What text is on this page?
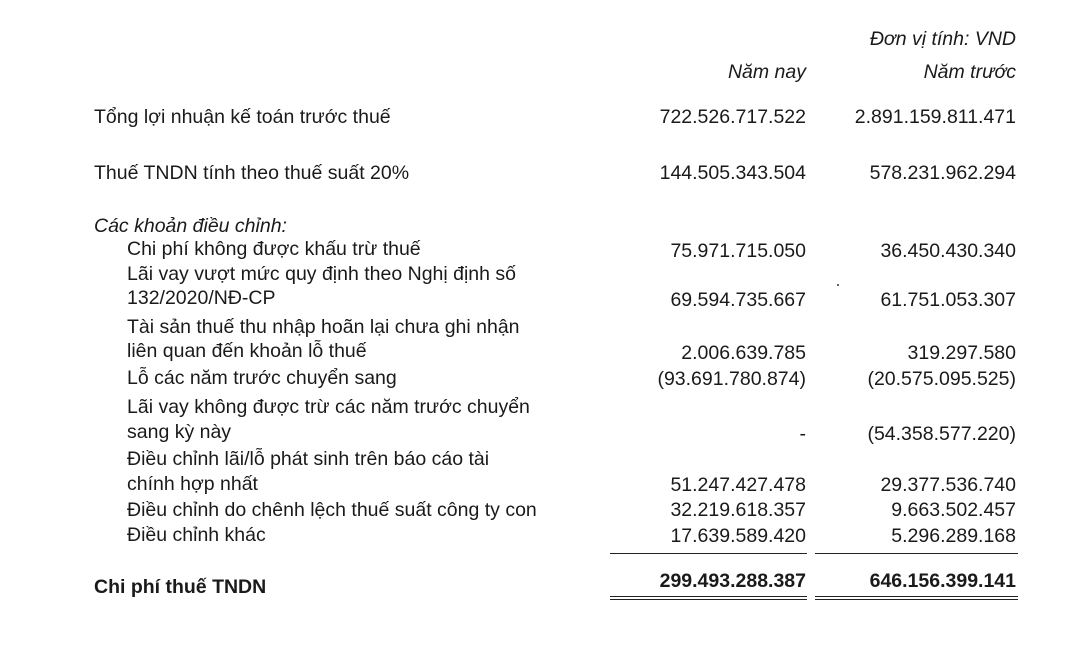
Đơn vị tính: VND
Năm nay	Năm trước
Tổng lợi nhuận kế toán trước thuế	722.526.717.522	2.891.159.811.471
Thuế TNDN tính theo thuế suất 20%	144.505.343.504	578.231.962.294
Các khoản điều chỉnh:
Chi phí không được khấu trừ thuế	75.971.715.050	36.450.430.340
Lãi vay vượt mức quy định theo Nghị định số
132/2020/NĐ-CP	69.594.735.667	61.751.053.307
Tài sản thuế thu nhập hoãn lại chưa ghi nhận
liên quan đến khoản lỗ thuế	2.006.639.785	319.297.580
Lỗ các năm trước chuyển sang	(93.691.780.874)	(20.575.095.525)
Lãi vay không được trừ các năm trước chuyển
sang kỳ này	-	(54.358.577.220)
Điều chỉnh lãi/lỗ phát sinh trên báo cáo tài
chính hợp nhất	51.247.427.478	29.377.536.740
Điều chỉnh do chênh lệch thuế suất công ty con	32.219.618.357	9.663.502.457
Điều chỉnh khác	17.639.589.420	5.296.289.168
Chi phí thuế TNDN	299.493.288.387	646.156.399.141
